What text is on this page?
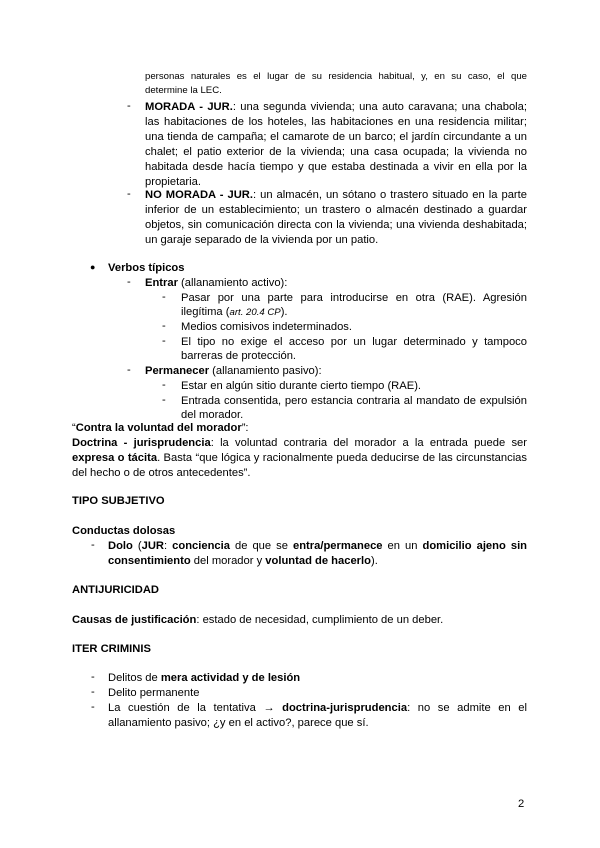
personas naturales es el lugar de su residencia habitual, y, en su caso, el que
determine la LEC.
- MORADA - JUR.: una segunda vivienda; una auto caravana; una chabola;
las habitaciones de los hoteles, las habitaciones en una residencia militar;
una tienda de campaña; el camarote de un barco; el jardín circundante a un
chalet; el patio exterior de la vivienda; una casa ocupada; la vivienda no
habitada desde hacía tiempo y que estaba destinada a vivir en ella por la
propietaria.
- NO MORADA - JUR.: un almacén, un sótano o trastero situado en la parte
inferior de un establecimiento; un trastero o almacén destinado a guardar
objetos, sin comunicación directa con la vivienda; una vivienda deshabitada;
un garaje separado de la vivienda por un patio.
● Verbos típicos
- Entrar (allanamiento activo):
- Pasar por una parte para introducirse en otra (RAE). Agresión
ilegítima (art. 20.4 CP).
- Medios comisivos indeterminados.
- El tipo no exige el acceso por un lugar determinado y tampoco
barreras de protección.
- Permanecer (allanamiento pasivo):
- Estar en algún sitio durante cierto tiempo (RAE).
- Entrada consentida, pero estancia contraria al mandato de expulsión
del morador.
“Contra la voluntad del morador”:
Doctrina - jurisprudencia: la voluntad contraria del morador a la entrada puede ser
expresa o tácita. Basta “que lógica y racionalmente pueda deducirse de las circunstancias
del hecho o de otros antecedentes”.
TIPO SUBJETIVO
Conductas dolosas
- Dolo (JUR: conciencia de que se entra/permanece en un domicilio ajeno sin
consentimiento del morador y voluntad de hacerlo).
ANTIJURICIDAD
Causas de justificación: estado de necesidad, cumplimiento de un deber.
ITER CRIMINIS
- Delitos de mera actividad y de lesión
- Delito permanente
- La cuestión de la tentativa → doctrina-jurisprudencia: no se admite en el
allanamiento pasivo; ¿y en el activo?, parece que sí.
2
